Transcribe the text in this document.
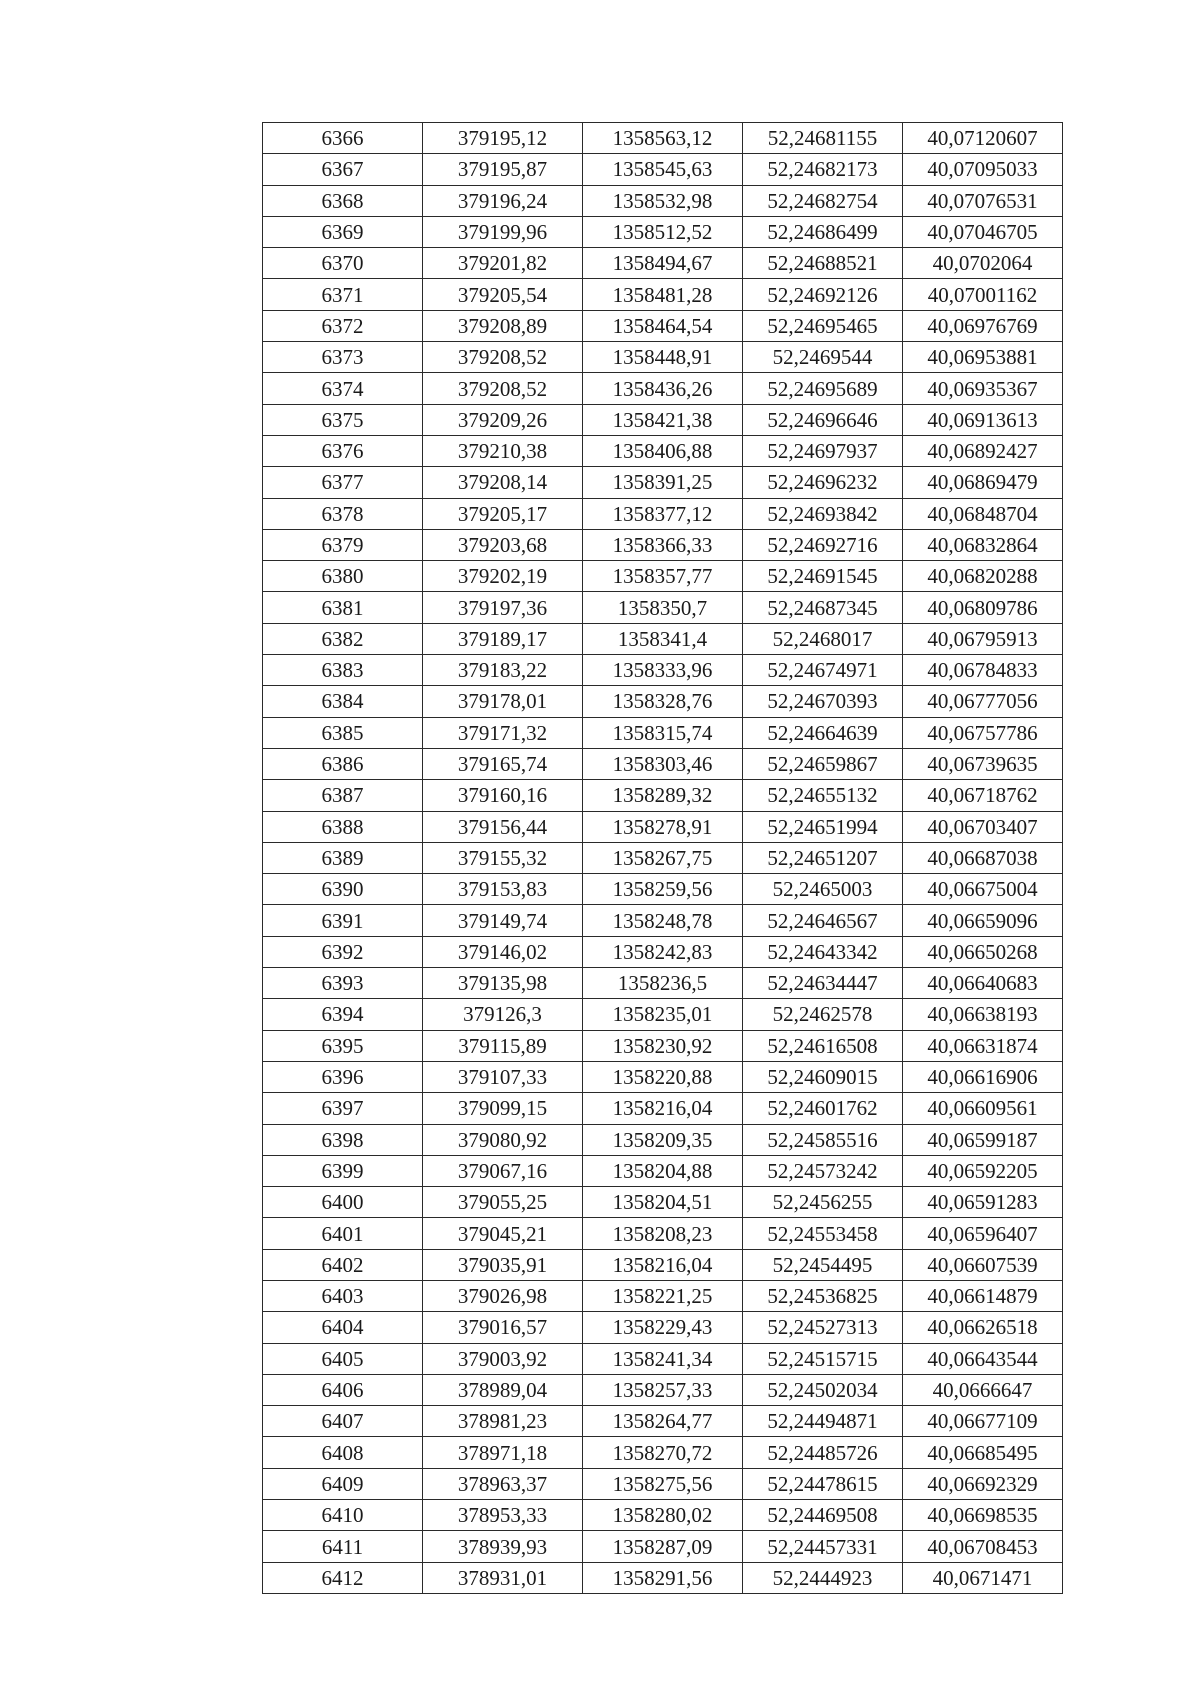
6366	379195,12	1358563,12	52,24681155	40,07120607
6367	379195,87	1358545,63	52,24682173	40,07095033
6368	379196,24	1358532,98	52,24682754	40,07076531
6369	379199,96	1358512,52	52,24686499	40,07046705
6370	379201,82	1358494,67	52,24688521	40,0702064
6371	379205,54	1358481,28	52,24692126	40,07001162
6372	379208,89	1358464,54	52,24695465	40,06976769
6373	379208,52	1358448,91	52,2469544	40,06953881
6374	379208,52	1358436,26	52,24695689	40,06935367
6375	379209,26	1358421,38	52,24696646	40,06913613
6376	379210,38	1358406,88	52,24697937	40,06892427
6377	379208,14	1358391,25	52,24696232	40,06869479
6378	379205,17	1358377,12	52,24693842	40,06848704
6379	379203,68	1358366,33	52,24692716	40,06832864
6380	379202,19	1358357,77	52,24691545	40,06820288
6381	379197,36	1358350,7	52,24687345	40,06809786
6382	379189,17	1358341,4	52,2468017	40,06795913
6383	379183,22	1358333,96	52,24674971	40,06784833
6384	379178,01	1358328,76	52,24670393	40,06777056
6385	379171,32	1358315,74	52,24664639	40,06757786
6386	379165,74	1358303,46	52,24659867	40,06739635
6387	379160,16	1358289,32	52,24655132	40,06718762
6388	379156,44	1358278,91	52,24651994	40,06703407
6389	379155,32	1358267,75	52,24651207	40,06687038
6390	379153,83	1358259,56	52,2465003	40,06675004
6391	379149,74	1358248,78	52,24646567	40,06659096
6392	379146,02	1358242,83	52,24643342	40,06650268
6393	379135,98	1358236,5	52,24634447	40,06640683
6394	379126,3	1358235,01	52,2462578	40,06638193
6395	379115,89	1358230,92	52,24616508	40,06631874
6396	379107,33	1358220,88	52,24609015	40,06616906
6397	379099,15	1358216,04	52,24601762	40,06609561
6398	379080,92	1358209,35	52,24585516	40,06599187
6399	379067,16	1358204,88	52,24573242	40,06592205
6400	379055,25	1358204,51	52,2456255	40,06591283
6401	379045,21	1358208,23	52,24553458	40,06596407
6402	379035,91	1358216,04	52,2454495	40,06607539
6403	379026,98	1358221,25	52,24536825	40,06614879
6404	379016,57	1358229,43	52,24527313	40,06626518
6405	379003,92	1358241,34	52,24515715	40,06643544
6406	378989,04	1358257,33	52,24502034	40,0666647
6407	378981,23	1358264,77	52,24494871	40,06677109
6408	378971,18	1358270,72	52,24485726	40,06685495
6409	378963,37	1358275,56	52,24478615	40,06692329
6410	378953,33	1358280,02	52,24469508	40,06698535
6411	378939,93	1358287,09	52,24457331	40,06708453
6412	378931,01	1358291,56	52,2444923	40,0671471
